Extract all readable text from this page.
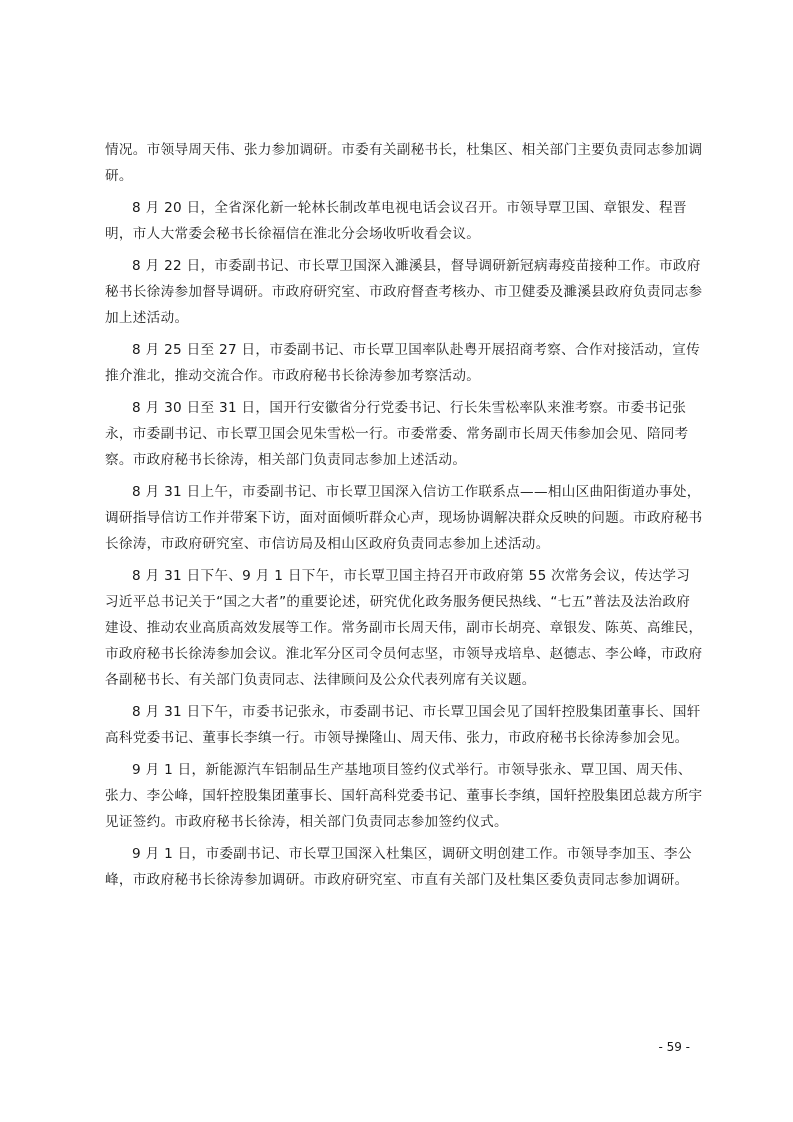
情况。市领导周天伟、张力参加调研。市委有关副秘书长，杜集区、相关部门主要负责同志参加调研。

8 月 20 日，全省深化新一轮林长制改革电视电话会议召开。市领导覃卫国、章银发、程晋明，市人大常委会秘书长徐福信在淮北分会场收听收看会议。

8 月 22 日，市委副书记、市长覃卫国深入濉溪县，督导调研新冠病毒疫苗接种工作。市政府秘书长徐涛参加督导调研。市政府研究室、市政府督查考核办、市卫健委及濉溪县政府负责同志参加上述活动。

8 月 25 日至 27 日，市委副书记、市长覃卫国率队赴粤开展招商考察、合作对接活动，宣传推介淮北，推动交流合作。市政府秘书长徐涛参加考察活动。

8 月 30 日至 31 日，国开行安徽省分行党委书记、行长朱雪松率队来淮考察。市委书记张永，市委副书记、市长覃卫国会见朱雪松一行。市委常委、常务副市长周天伟参加会见、陪同考察。市政府秘书长徐涛，相关部门负责同志参加上述活动。

8 月 31 日上午，市委副书记、市长覃卫国深入信访工作联系点——相山区曲阳街道办事处，调研指导信访工作并带案下访，面对面倾听群众心声，现场协调解决群众反映的问题。市政府秘书长徐涛，市政府研究室、市信访局及相山区政府负责同志参加上述活动。

8 月 31 日下午、9 月 1 日下午，市长覃卫国主持召开市政府第 55 次常务会议，传达学习习近平总书记关于“国之大者”的重要论述，研究优化政务服务便民热线、“七五”普法及法治政府建设、推动农业高质高效发展等工作。常务副市长周天伟，副市长胡亮、章银发、陈英、高维民，市政府秘书长徐涛参加会议。淮北军分区司令员何志坚，市领导戎培阜、赵德志、李公峰，市政府各副秘书长、有关部门负责同志、法律顾问及公众代表列席有关议题。

8 月 31 日下午，市委书记张永，市委副书记、市长覃卫国会见了国轩控股集团董事长、国轩高科党委书记、董事长李缜一行。市领导操隆山、周天伟、张力，市政府秘书长徐涛参加会见。

9 月 1 日，新能源汽车铝制品生产基地项目签约仪式举行。市领导张永、覃卫国、周天伟、张力、李公峰，国轩控股集团董事长、国轩高科党委书记、董事长李缜，国轩控股集团总裁方所宇见证签约。市政府秘书长徐涛，相关部门负责同志参加签约仪式。

9 月 1 日，市委副书记、市长覃卫国深入杜集区，调研文明创建工作。市领导李加玉、李公峰，市政府秘书长徐涛参加调研。市政府研究室、市直有关部门及杜集区委负责同志参加调研。

- 59 -
